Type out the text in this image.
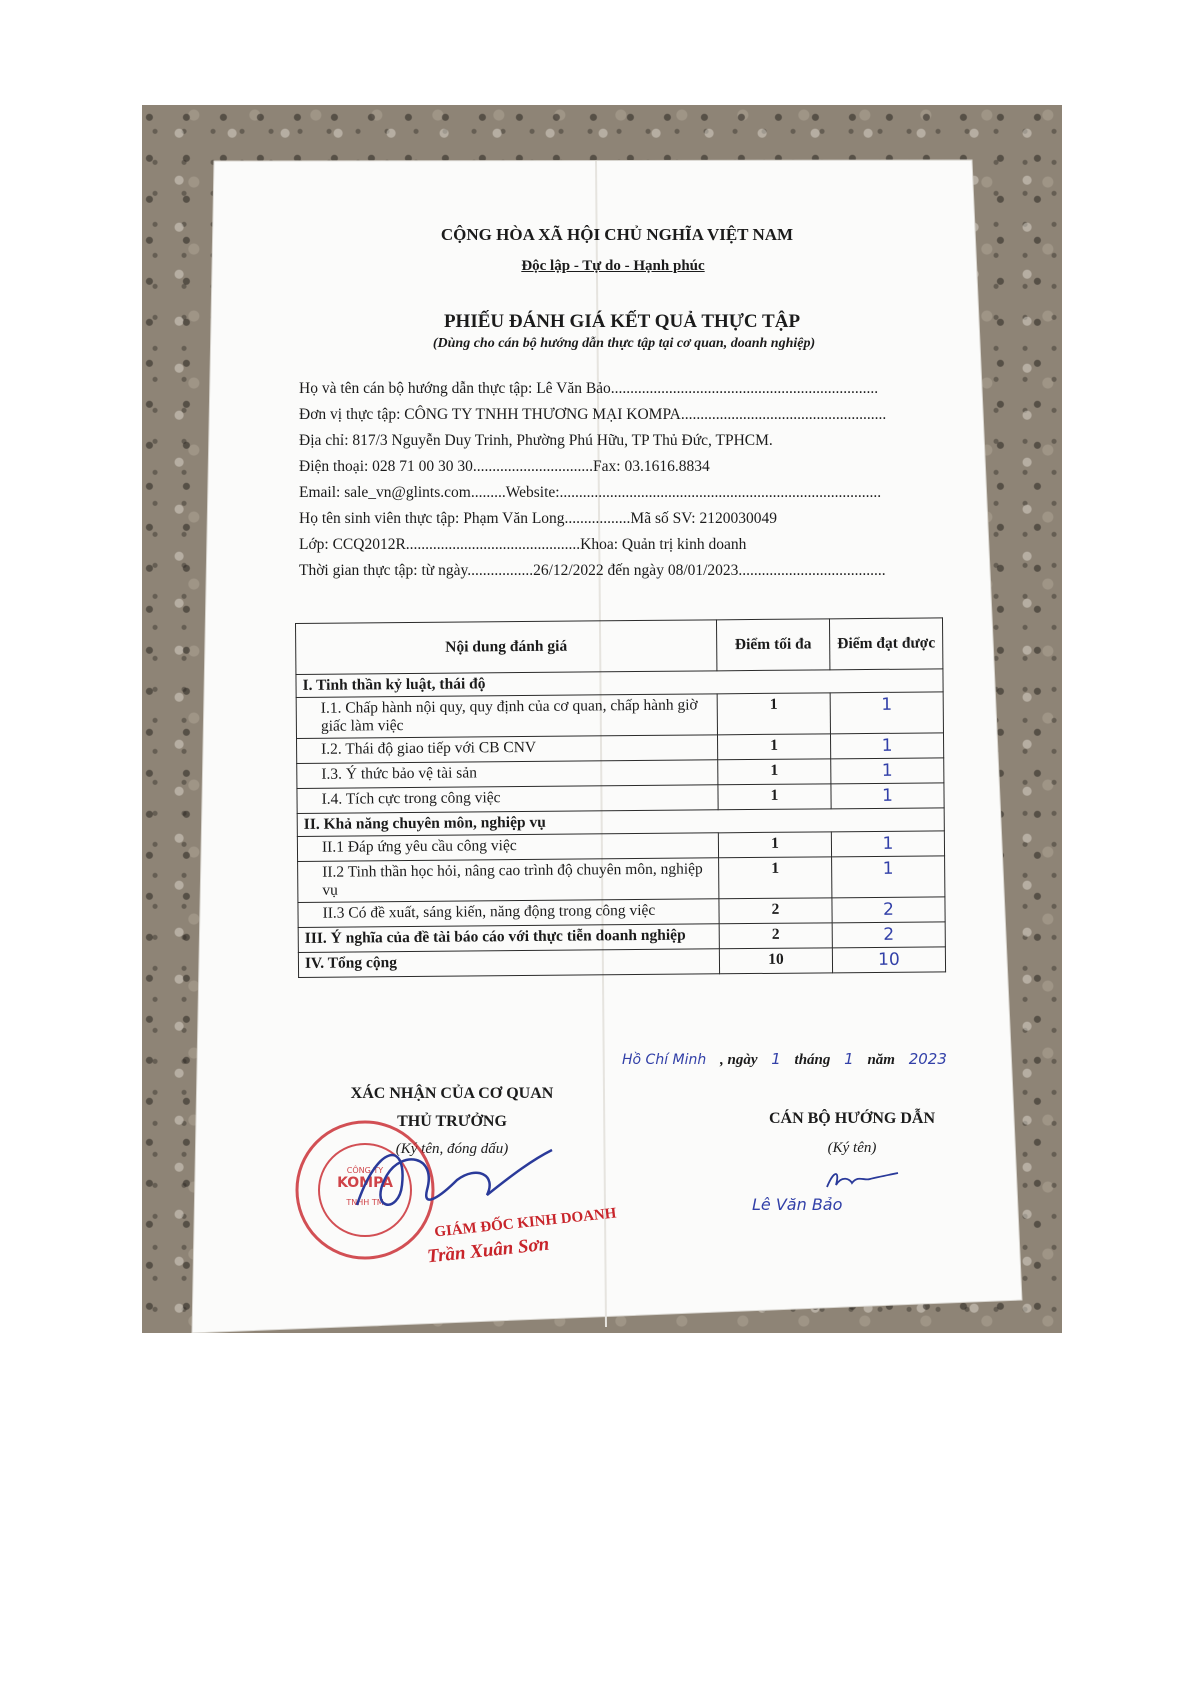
CỘNG HÒA XÃ HỘI CHỦ NGHĨA VIỆT NAM
Độc lập - Tự do - Hạnh phúc
PHIẾU ĐÁNH GIÁ KẾT QUẢ THỰC TẬP
(Dùng cho cán bộ hướng dẫn thực tập tại cơ quan, doanh nghiệp)
Họ và tên cán bộ hướng dẫn thực tập: Lê Văn Bảo.....................................................................
Đơn vị thực tập: CÔNG TY TNHH THƯƠNG MẠI KOMPA.....................................................
Địa chỉ: 817/3 Nguyễn Duy Trinh, Phường Phú Hữu, TP Thủ Đức, TPHCM.
Điện thoại: 028 71 00 30 30...............................Fax: 03.1616.8834
Email: sale_vn@glints.com.........Website:...................................................................................
Họ tên sinh viên thực tập: Phạm Văn Long.................Mã số SV: 2120030049
Lớp: CCQ2012R.............................................Khoa: Quản trị kinh doanh
Thời gian thực tập: từ ngày.................26/12/2022 đến ngày 08/01/2023......................................
Nội dung đánh giá	Điểm tối đa	Điểm đạt được
I. Tinh thần kỷ luật, thái độ		
I.1. Chấp hành nội quy, quy định của cơ quan, chấp hành giờ giấc làm việc	1	1
I.2. Thái độ giao tiếp với CB CNV	1	1
I.3. Ý thức bảo vệ tài sản	1	1
I.4. Tích cực trong công việc	1	1
II. Khả năng chuyên môn, nghiệp vụ		
II.1 Đáp ứng yêu cầu công việc	1	1
II.2 Tinh thần học hỏi, nâng cao trình độ chuyên môn, nghiệp vụ	1	1
II.3 Có đề xuất, sáng kiến, năng động trong công việc	2	2
III. Ý nghĩa của đề tài báo cáo với thực tiễn doanh nghiệp	2	2
IV. Tổng cộng	10	10
Hồ Chí Minh , ngày 1 tháng 1 năm 2023
XÁC NHẬN CỦA CƠ QUAN
THỦ TRƯỞNG
(Ký tên, đóng dấu)
KOMPA
TNHH TM
CÔNG TY
GIÁM ĐỐC KINH DOANH
Trần Xuân Sơn
CÁN BỘ HƯỚNG DẪN
(Ký tên)
Lê Văn Bảo
